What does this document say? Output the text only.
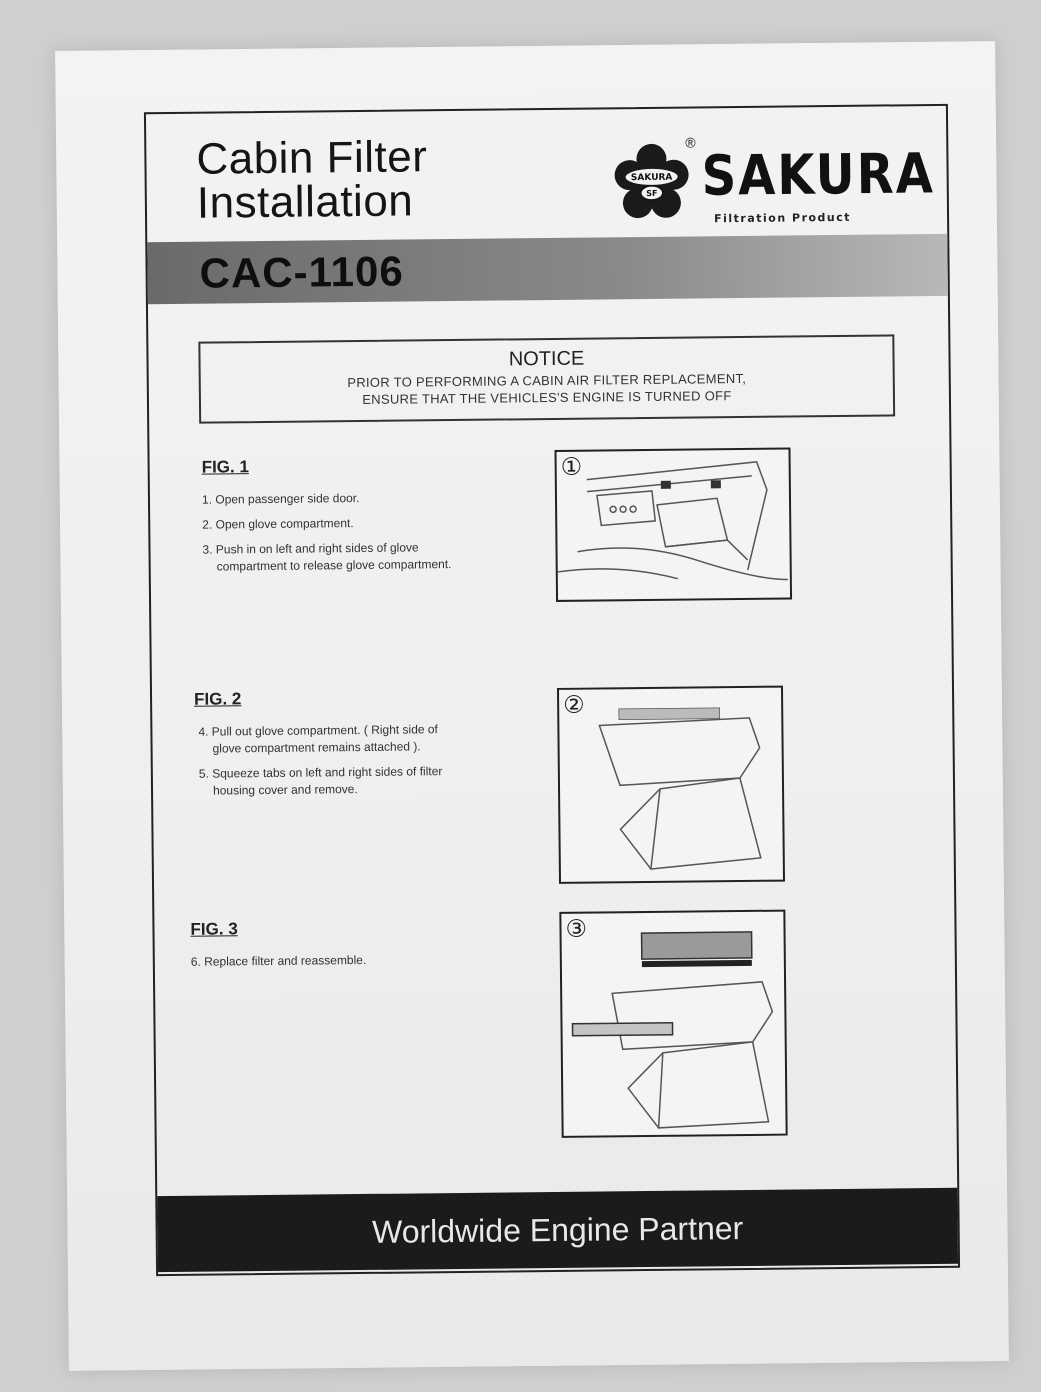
Cabin Filter
Installation	SAKURA
SF
® SAKURA
Filtration Product
CAC-1106
NOTICE
PRIOR TO PERFORMING A CABIN AIR FILTER REPLACEMENT,
ENSURE THAT THE VEHICLES'S ENGINE IS TURNED OFF
FIG. 1

1. Open passenger side door.

2. Open glove compartment.

3. Push in on left and right sides of glove

compartment to release glove compartment.
①
FIG. 2

4. Pull out glove compartment. ( Right side of

glove compartment remains attached ).

5. Squeeze tabs on left and right sides of filter

housing cover and remove.
②
FIG. 3

6. Replace filter and reassemble.

③
Worldwide Engine Partner
